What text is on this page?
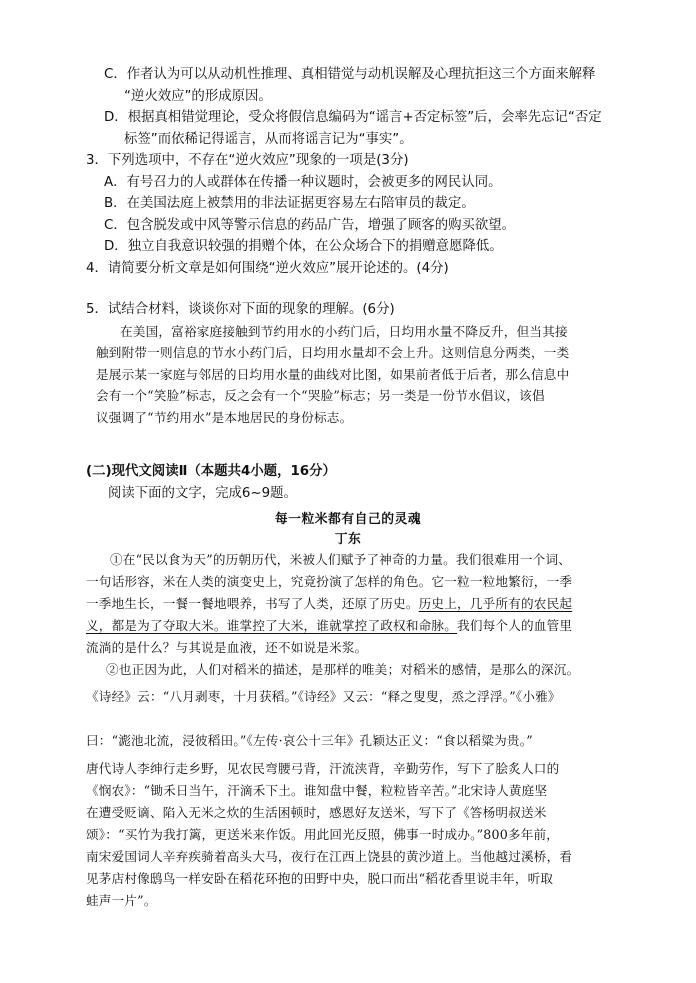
C．作者认为可以从动机性推理、真相错觉与动机误解及心理抗拒这三个方面来解释
“逆火效应”的形成原因。
D．根据真相错觉理论，受众将假信息编码为“谣言+否定标签”后，会率先忘记“否定
标签”而依稀记得谣言，从而将谣言记为“事实”。
3．下列选项中，不存在“逆火效应”现象的一项是(3分)
A．有号召力的人或群体在传播一种议题时，会被更多的网民认同。
B．在美国法庭上被禁用的非法证据更容易左右陪审员的裁定。
C．包含脱发或中风等警示信息的药品广告，增强了顾客的购买欲望。
D．独立自我意识较强的捐赠个体，在公众场合下的捐赠意愿降低。
4．请简要分析文章是如何围绕“逆火效应”展开论述的。(4分)
5．试结合材料，谈谈你对下面的现象的理解。(6分)
在美国，富裕家庭接触到节约用水的小药门后，日均用水量不降反升，但当其接
触到附带一则信息的节水小药门后，日均用水量却不会上升。这则信息分两类，一类
是展示某一家庭与邻居的日均用水量的曲线对比图，如果前者低于后者，那么信息中
会有一个“笑脸”标志，反之会有一个“哭脸”标志；另一类是一份节水倡议，该倡
议强调了“节约用水”是本地居民的身份标志。
(二)现代文阅读Ⅱ（本题共4小题，16分）
阅读下面的文字，完成6~9题。
每一粒米都有自己的灵魂
丁东
①在“民以食为天”的历朝历代，米被人们赋予了神奇的力量。我们很难用一个词、
一句话形容，米在人类的演变史上，究竟扮演了怎样的角色。它一粒一粒地繁衍，一季
一季地生长，一餐一餐地喂养，书写了人类，还原了历史。历史上，几乎所有的农民起
义，都是为了夺取大米。谁掌控了大米，谁就掌控了政权和命脉。我们每个人的血管里
流淌的是什么？与其说是血液，还不如说是米浆。
②也正因为此，人们对稻米的描述，是那样的唯美；对稻米的感情，是那么的深沉。
《诗经》云：“八月剥枣，十月获稻。”《诗经》又云：“释之叟叟，烝之浮浮。”《小雅》
曰：“滮池北流，浸彼稻田。”《左传·哀公十三年》孔颖达正义：“食以稻粱为贵。”
唐代诗人李绅行走乡野，见农民弯腰弓背，汗流浃背，辛勤劳作，写下了脍炙人口的
《悯农》：“锄禾日当午，汗滴禾下土。谁知盘中餐，粒粒皆辛苦。”北宋诗人黄庭坚
在遭受贬谪、陷入无米之炊的生活困顿时，感恩好友送米，写下了《答杨明叔送米
颂》：“买竹为我打篱，更送米来作饭。用此回光反照，佛事一时成办。”800多年前，
南宋爱国词人辛弃疾骑着高头大马，夜行在江西上饶县的黄沙道上。当他越过溪桥，看
见茅店村像鸱鸟一样安卧在稻花环抱的田野中央，脱口而出“稻花香里说丰年，听取
蛙声一片”。
